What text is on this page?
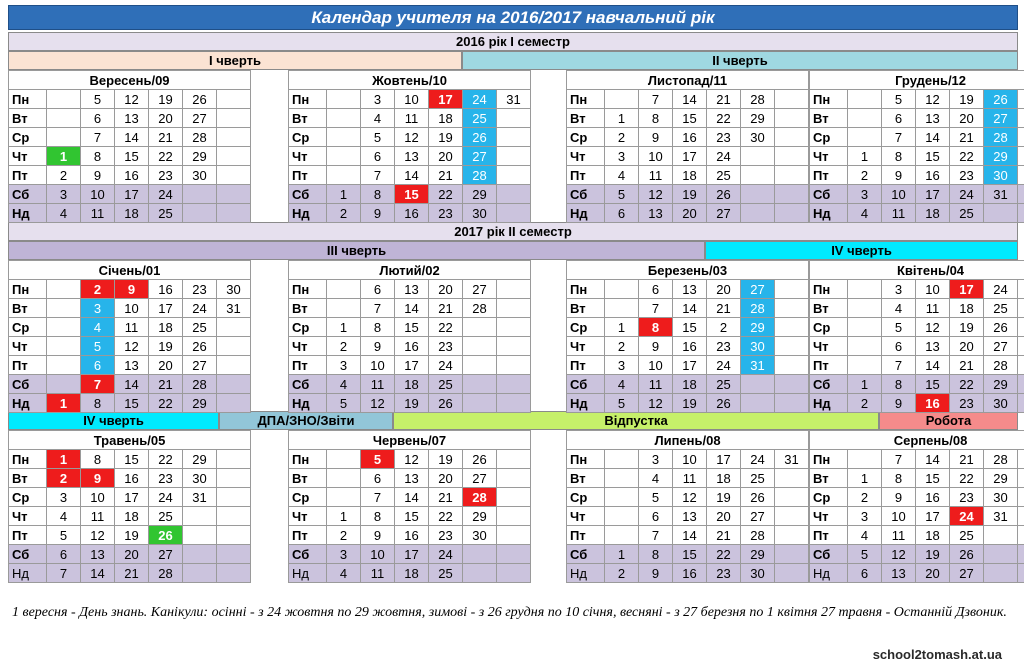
Календар учителя на 2016/2017 навчальний рік
2016 рік I семестр
I чверть	II чверть
2017 рік II семестр
III чверть	IV чверть
IV чверть	ДПА/ЗНО/Звіти	Відпустка	Робота
Вересень/09						
Пн		5	12	19	26	
Вт		6	13	20	27	
Ср		7	14	21	28	
Чт	1	8	15	22	29	
Пт	2	9	16	23	30	
Сб	3	10	17	24		
Нд	4	11	18	25		
Жовтень/10						
Пн		3	10	17	24	31
Вт		4	11	18	25	
Ср		5	12	19	26	
Чт		6	13	20	27	
Пт		7	14	21	28	
Сб	1	8	15	22	29	
Нд	2	9	16	23	30	
Листопад/11						
Пн		7	14	21	28	
Вт	1	8	15	22	29	
Ср	2	9	16	23	30	
Чт	3	10	17	24		
Пт	4	11	18	25		
Сб	5	12	19	26		
Нд	6	13	20	27		
Грудень/12						
Пн		5	12	19	26	
Вт		6	13	20	27	
Ср		7	14	21	28	
Чт	1	8	15	22	29	
Пт	2	9	16	23	30	
Сб	3	10	17	24	31	
Нд	4	11	18	25		
Січень/01						
Пн		2	9	16	23	30
Вт		3	10	17	24	31
Ср		4	11	18	25	
Чт		5	12	19	26	
Пт		6	13	20	27	
Сб		7	14	21	28	
Нд	1	8	15	22	29	
Лютий/02						
Пн		6	13	20	27	
Вт		7	14	21	28	
Ср	1	8	15	22		
Чт	2	9	16	23		
Пт	3	10	17	24		
Сб	4	11	18	25		
Нд	5	12	19	26		
Березень/03						
Пн		6	13	20	27	
Вт		7	14	21	28	
Ср	1	8	15	2	29	
Чт	2	9	16	23	30	
Пт	3	10	17	24	31	
Сб	4	11	18	25		
Нд	5	12	19	26		
Квітень/04						
Пн		3	10	17	24	
Вт		4	11	18	25	
Ср		5	12	19	26	
Чт		6	13	20	27	
Пт		7	14	21	28	
Сб	1	8	15	22	29	
Нд	2	9	16	23	30	
Травень/05						
Пн	1	8	15	22	29	
Вт	2	9	16	23	30	
Ср	3	10	17	24	31	
Чт	4	11	18	25		
Пт	5	12	19	26		
Сб	6	13	20	27		
Нд	7	14	21	28		
Червень/07						
Пн		5	12	19	26	
Вт		6	13	20	27	
Ср		7	14	21	28	
Чт	1	8	15	22	29	
Пт	2	9	16	23	30	
Сб	3	10	17	24		
Нд	4	11	18	25		
Липень/08						
Пн		3	10	17	24	31
Вт		4	11	18	25	
Ср		5	12	19	26	
Чт		6	13	20	27	
Пт		7	14	21	28	
Сб	1	8	15	22	29	
Нд	2	9	16	23	30	
Серпень/08						
Пн		7	14	21	28	
Вт	1	8	15	22	29	
Ср	2	9	16	23	30	
Чт	3	10	17	24	31	
Пт	4	11	18	25		
Сб	5	12	19	26		
Нд	6	13	20	27		
1 вересня - День знань. Канікули: осінні - з 24 жовтня по 29 жовтня, зимові - з 26 грудня по 10 січня, весняні - з 27 березня по 1 квітня 27 травня - Останній Дзвоник.
school2tomash.at.ua
